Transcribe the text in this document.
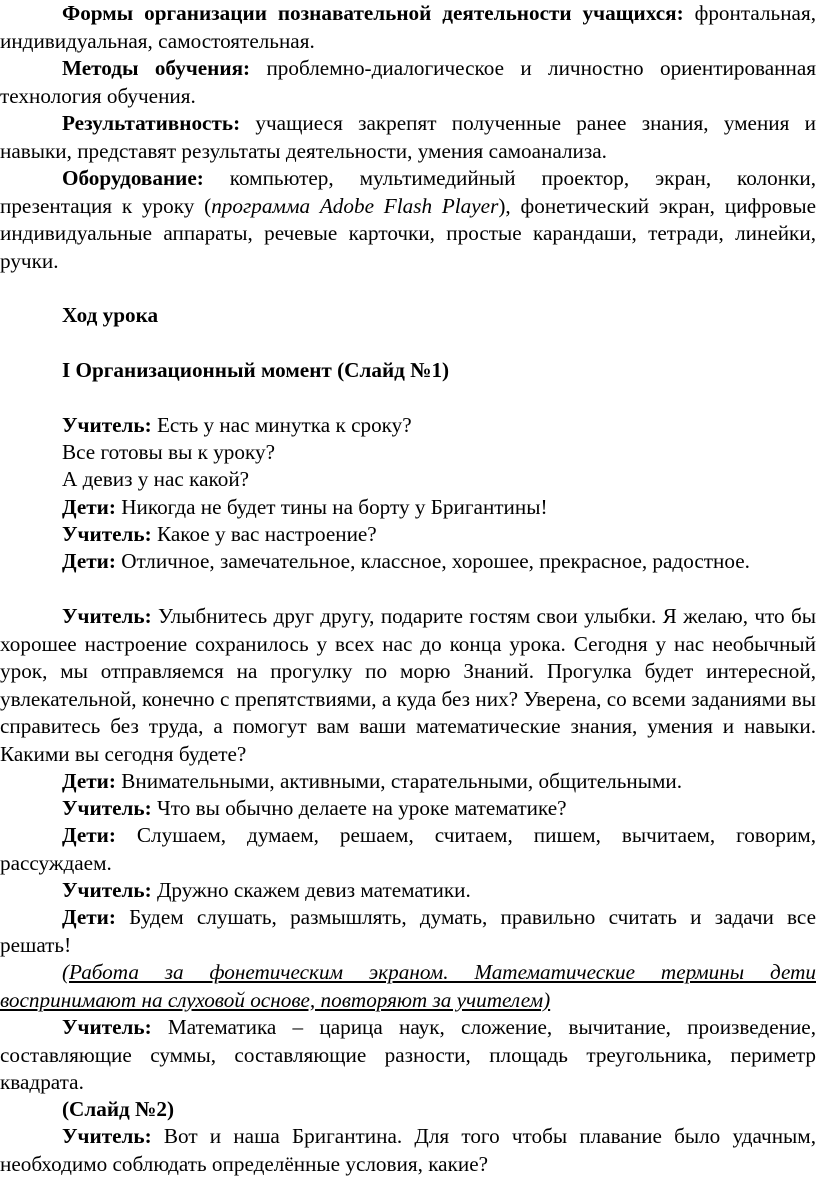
Формы организации познавательной деятельности учащихся: фронтальная, индивидуальная, самостоятельная.

Методы обучения: проблемно-диалогическое и личностно ориентированная технология обучения.

Результативность: учащиеся закрепят полученные ранее знания, умения и навыки, представят результаты деятельности, умения самоанализа.

Оборудование: компьютер, мультимедийный проектор, экран, колонки, презентация к уроку (программа Adobe Flash Player), фонетический экран, цифровые индивидуальные аппараты, речевые карточки, простые карандаши, тетради, линейки, ручки.

Ход урока

I Организационный момент (Слайд №1)

Учитель: Есть у нас минутка к сроку?

Все готовы вы к уроку?

А девиз у нас какой?

Дети: Никогда не будет тины на борту у Бригантины!

Учитель: Какое у вас настроение?

Дети: Отличное, замечательное, классное, хорошее, прекрасное, радостное.

Учитель: Улыбнитесь друг другу, подарите гостям свои улыбки. Я желаю, что бы хорошее настроение сохранилось у всех нас до конца урока. Сегодня у нас необычный урок, мы отправляемся на прогулку по морю Знаний. Прогулка будет интересной, увлекательной, конечно с препятствиями, а куда без них? Уверена, со всеми заданиями вы справитесь без труда, а помогут вам ваши математические знания, умения и навыки. Какими вы сегодня будете?

Дети: Внимательными, активными, старательными, общительными.

Учитель: Что вы обычно делаете на уроке математике?

Дети: Слушаем, думаем, решаем, считаем, пишем, вычитаем, говорим, рассуждаем.

Учитель: Дружно скажем девиз математики.

Дети: Будем слушать, размышлять, думать, правильно считать и задачи все решать!

(Работа за фонетическим экраном. Математические термины дети воспринимают на слуховой основе, повторяют за учителем)

Учитель: Математика – царица наук, сложение, вычитание, произведение, составляющие суммы, составляющие разности, площадь треугольника, периметр квадрата.

(Слайд №2)

Учитель: Вот и наша Бригантина. Для того чтобы плавание было удачным, необходимо соблюдать определённые условия, какие?
